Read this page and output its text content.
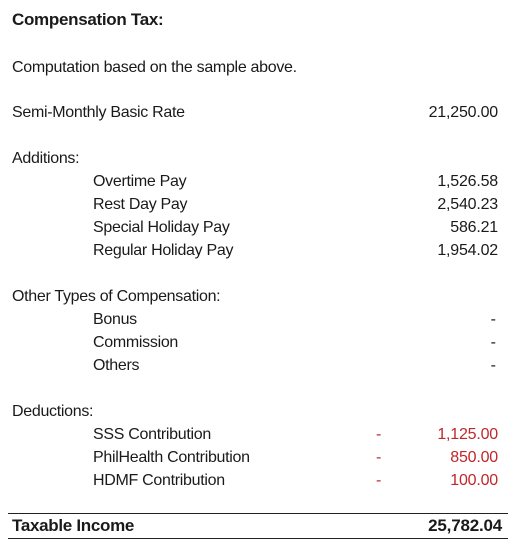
Compensation Tax:
Computation based on the sample above.
Semi-Monthly Basic Rate	21,250.00
Additions:
Overtime Pay	1,526.58
Rest Day Pay	2,540.23
Special Holiday Pay	586.21
Regular Holiday Pay	1,954.02
Other Types of Compensation:
Bonus	-
Commission	-
Others	-
Deductions:
SSS Contribution	-	1,125.00
PhilHealth Contribution	-	850.00
HDMF Contribution	-	100.00
Taxable Income	25,782.04
